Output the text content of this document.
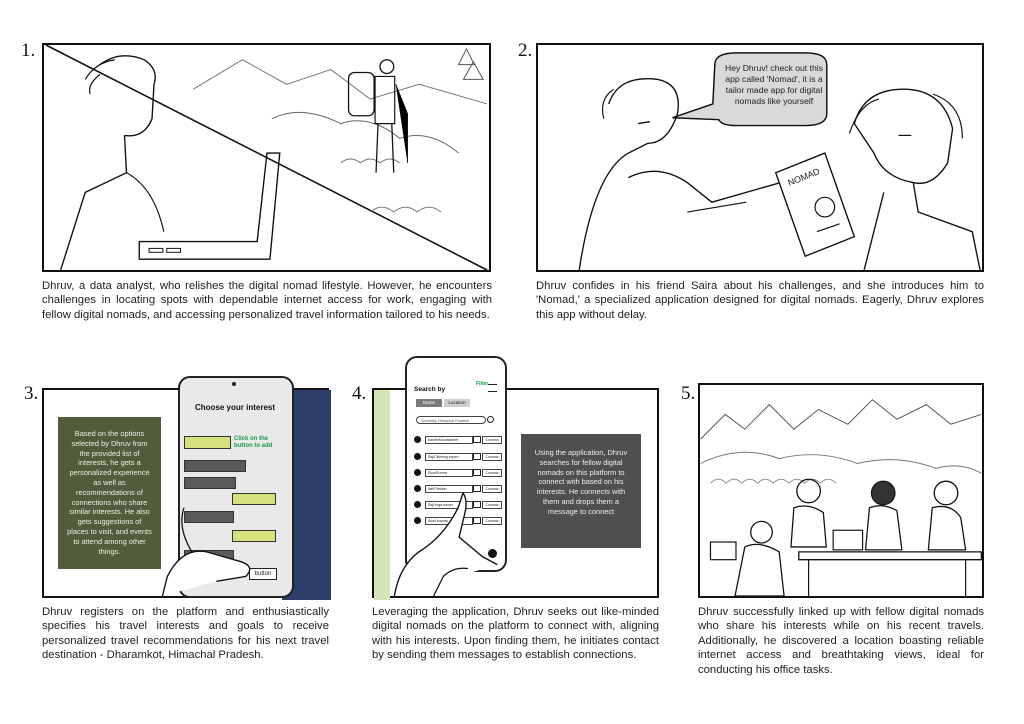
1.
Dhruv, a data analyst, who relishes the digital nomad lifestyle. However, he encounters challenges in locating spots with dependable internet access for work, engaging with fellow digital nomads, and accessing personalized travel information tailored to his needs.
2.
Hey Dhruv! check out this app called 'Nomad', it is a tailor made app for digital nomads like yourself
NOMAD
Dhruv confides in his friend Saira about his challenges, and she introduces him to 'Nomad,' a specialized application designed for digital nomads. Eagerly, Dhruv explores this app without delay.
3.
Based on the options selected by Dhruv from the provided list of interests, he gets a personalized experience as well as recommendations of connections who share similar interests. He also gets suggestions of places to visit, and events to attend among other things.
Choose your interest
Click on the button to add
button
Dhruv registers on the platform and enthusiastically specifies his travel interests and goals to receive personalized travel recommendations for his next travel destination - Dharamkot, Himachal Pradesh.
4.	Search by
Filter
Name	Location
Specialty, Himachal Pradesh
Kainth/Mountaineer	Connect
Raj/Climbing expert	Connect
Riya/Runner	Connect
Neil/Trekker	Connect
Raj/Yoga trainer	Connect
Aria/Leopard	Connect
Using the application, Dhruv searches for fellow digital nomads on this platform to connect with based on his interests. He connects with them and drops them a message to connect
Leveraging the application, Dhruv seeks out like-minded digital nomads on the platform to connect with, aligning with his interests. Upon finding them, he initiates contact by sending them messages to establish connections.
5.
Dhruv successfully linked up with fellow digital nomads who share his interests while on his recent travels. Additionally, he discovered a location boasting reliable internet access and breathtaking views, ideal for conducting his office tasks.
